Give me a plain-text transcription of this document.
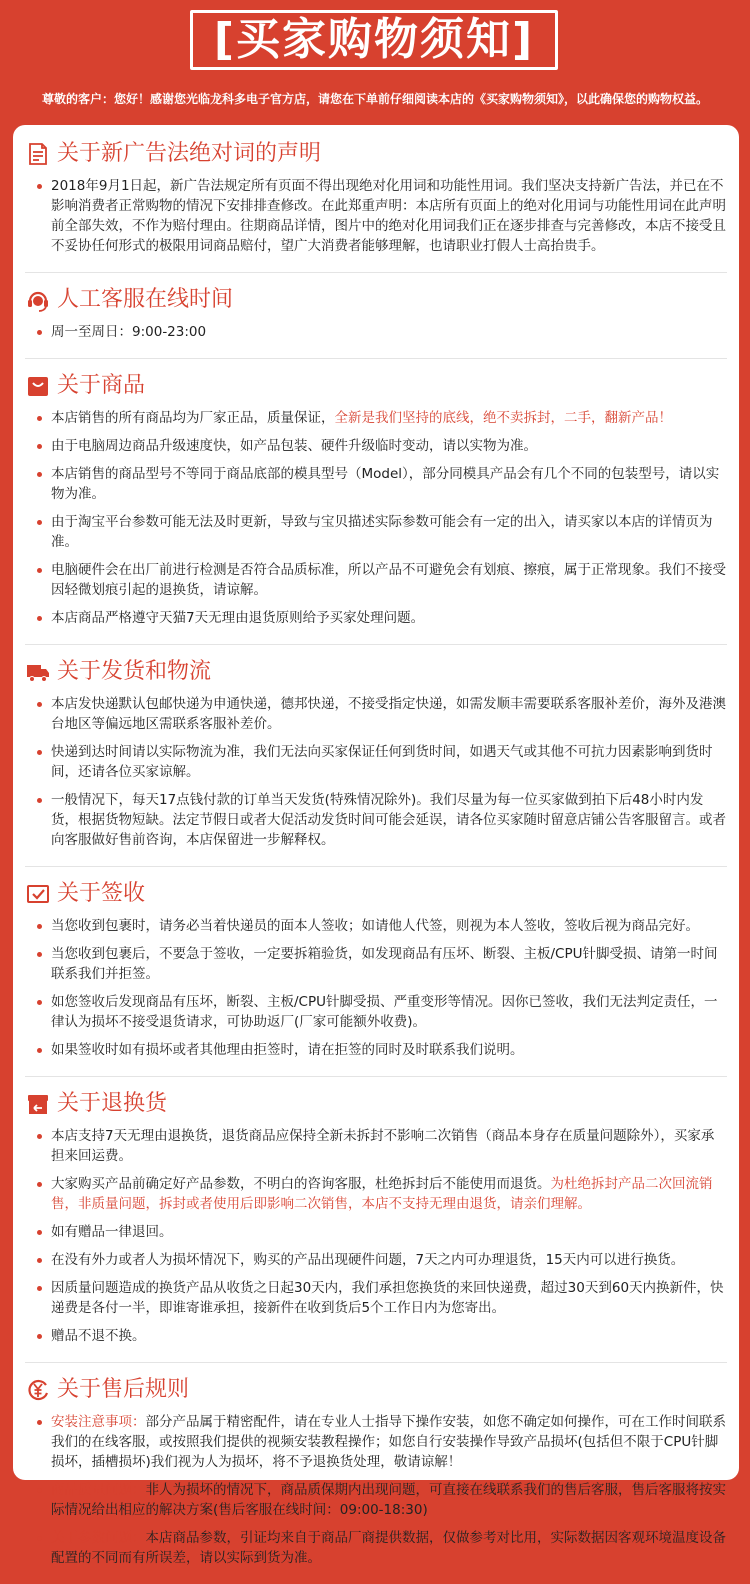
[买家购物须知]
尊敬的客户：您好！感谢您光临龙科多电子官方店，请您在下单前仔细阅读本店的《买家购物须知》，以此确保您的购物权益。
关于新广告法绝对词的声明
2018年9月1日起，新广告法规定所有页面不得出现绝对化用词和功能性用词。我们坚决支持新广告法，并已在不影响消费者正常购物的情况下安排排查修改。在此郑重声明：本店所有页面上的绝对化用词与功能性用词在此声明前全部失效，不作为赔付理由。往期商品详情，图片中的绝对化用词我们正在逐步排查与完善修改，本店不接受且不妥协任何形式的极限用词商品赔付，望广大消费者能够理解，也请职业打假人士高抬贵手。
人工客服在线时间
周一至周日：9:00-23:00
关于商品
本店销售的所有商品均为厂家正品，质量保证，全新是我们坚持的底线，绝不卖拆封，二手，翻新产品！
由于电脑周边商品升级速度快，如产品包装、硬件升级临时变动，请以实物为准。
本店销售的商品型号不等同于商品底部的模具型号（Model），部分同模具产品会有几个不同的包装型号，请以实物为准。
由于淘宝平台参数可能无法及时更新，导致与宝贝描述实际参数可能会有一定的出入，请买家以本店的详情页为准。
电脑硬件会在出厂前进行检测是否符合品质标准，所以产品不可避免会有划痕、擦痕，属于正常现象。我们不接受因轻微划痕引起的退换货，请谅解。
本店商品严格遵守天猫7天无理由退货原则给予买家处理问题。
关于发货和物流
本店发快递默认包邮快递为申通快递，德邦快递，不接受指定快递，如需发顺丰需要联系客服补差价，海外及港澳台地区等偏远地区需联系客服补差价。
快递到达时间请以实际物流为准，我们无法向买家保证任何到货时间，如遇天气或其他不可抗力因素影响到货时间，还请各位买家谅解。
一般情况下，每天17点钱付款的订单当天发货(特殊情况除外)。我们尽量为每一位买家做到拍下后48小时内发货，根据货物短缺。法定节假日或者大促活动发货时间可能会延误，请各位买家随时留意店铺公告客服留言。或者向客服做好售前咨询，本店保留进一步解释权。
关于签收
当您收到包裹时，请务必当着快递员的面本人签收；如请他人代签，则视为本人签收，签收后视为商品完好。
当您收到包裹后，不要急于签收，一定要拆箱验货，如发现商品有压坏、断裂、主板/CPU针脚受损、请第一时间联系我们并拒签。
如您签收后发现商品有压坏，断裂、主板/CPU针脚受损、严重变形等情况。因你已签收，我们无法判定责任，一律认为损坏不接受退货请求，可协助返厂(厂家可能额外收费)。
如果签收时如有损坏或者其他理由拒签时，请在拒签的同时及时联系我们说明。
关于退换货
本店支持7天无理由退换货，退货商品应保持全新未拆封不影响二次销售（商品本身存在质量问题除外），买家承担来回运费。
大家购买产品前确定好产品参数，不明白的咨询客服，杜绝拆封后不能使用而退货。为杜绝拆封产品二次回流销售，非质量问题，拆封或者使用后即影响二次销售，本店不支持无理由退货，请亲们理解。
如有赠品一律退回。
在没有外力或者人为损坏情况下，购买的产品出现硬件问题，7天之内可办理退货，15天内可以进行换货。
因质量问题造成的换货产品从收货之日起30天内，我们承担您换货的来回快递费，超过30天到60天内换新件，快递费是各付一半，即谁寄谁承担，接新件在收到货后5个工作日内为您寄出。
赠品不退不换。
关于售后规则
安装注意事项：部分产品属于精密配件，请在专业人士指导下操作安装，如您不确定如何操作，可在工作时间联系我们的在线客服，或按照我们提供的视频安装教程操作；如您自行安装操作导致产品损坏(包括但不限于CPU针脚损坏，插槽损坏)我们视为人为损坏，将不予退换货处理，敬请谅解！
商品质量问题：非人为损坏的情况下，商品质保期内出现问题，可直接在线联系我们的售后客服，售后客服将按实际情况给出相应的解决方案(售后客服在线时间：09:00-18:30)
关于参数问题：本店商品参数，引证均来自于商品厂商提供数据，仅做参考对比用，实际数据因客观环境温度设备配置的不同而有所误差，请以实际到货为准。
